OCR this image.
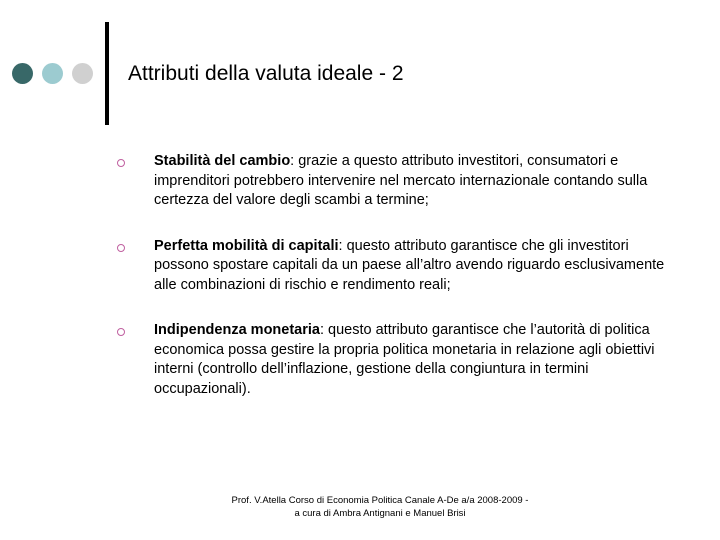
Attributi della valuta ideale - 2
Stabilità del cambio: grazie a questo attributo investitori, consumatori e imprenditori potrebbero intervenire nel mercato internazionale contando sulla certezza del valore degli scambi a termine;
Perfetta mobilità di capitali: questo attributo garantisce che gli investitori possono spostare capitali da un paese all’altro avendo riguardo esclusivamente alle combinazioni di rischio e rendimento reali;
Indipendenza monetaria: questo attributo garantisce che l’autorità di politica economica possa gestire la propria politica monetaria in relazione agli obiettivi interni (controllo dell’inflazione, gestione della congiuntura in termini occupazionali).
Prof. V.Atella Corso di Economia Politica Canale A-De a/a 2008-2009 -
a cura di Ambra Antignani e Manuel Brisi
